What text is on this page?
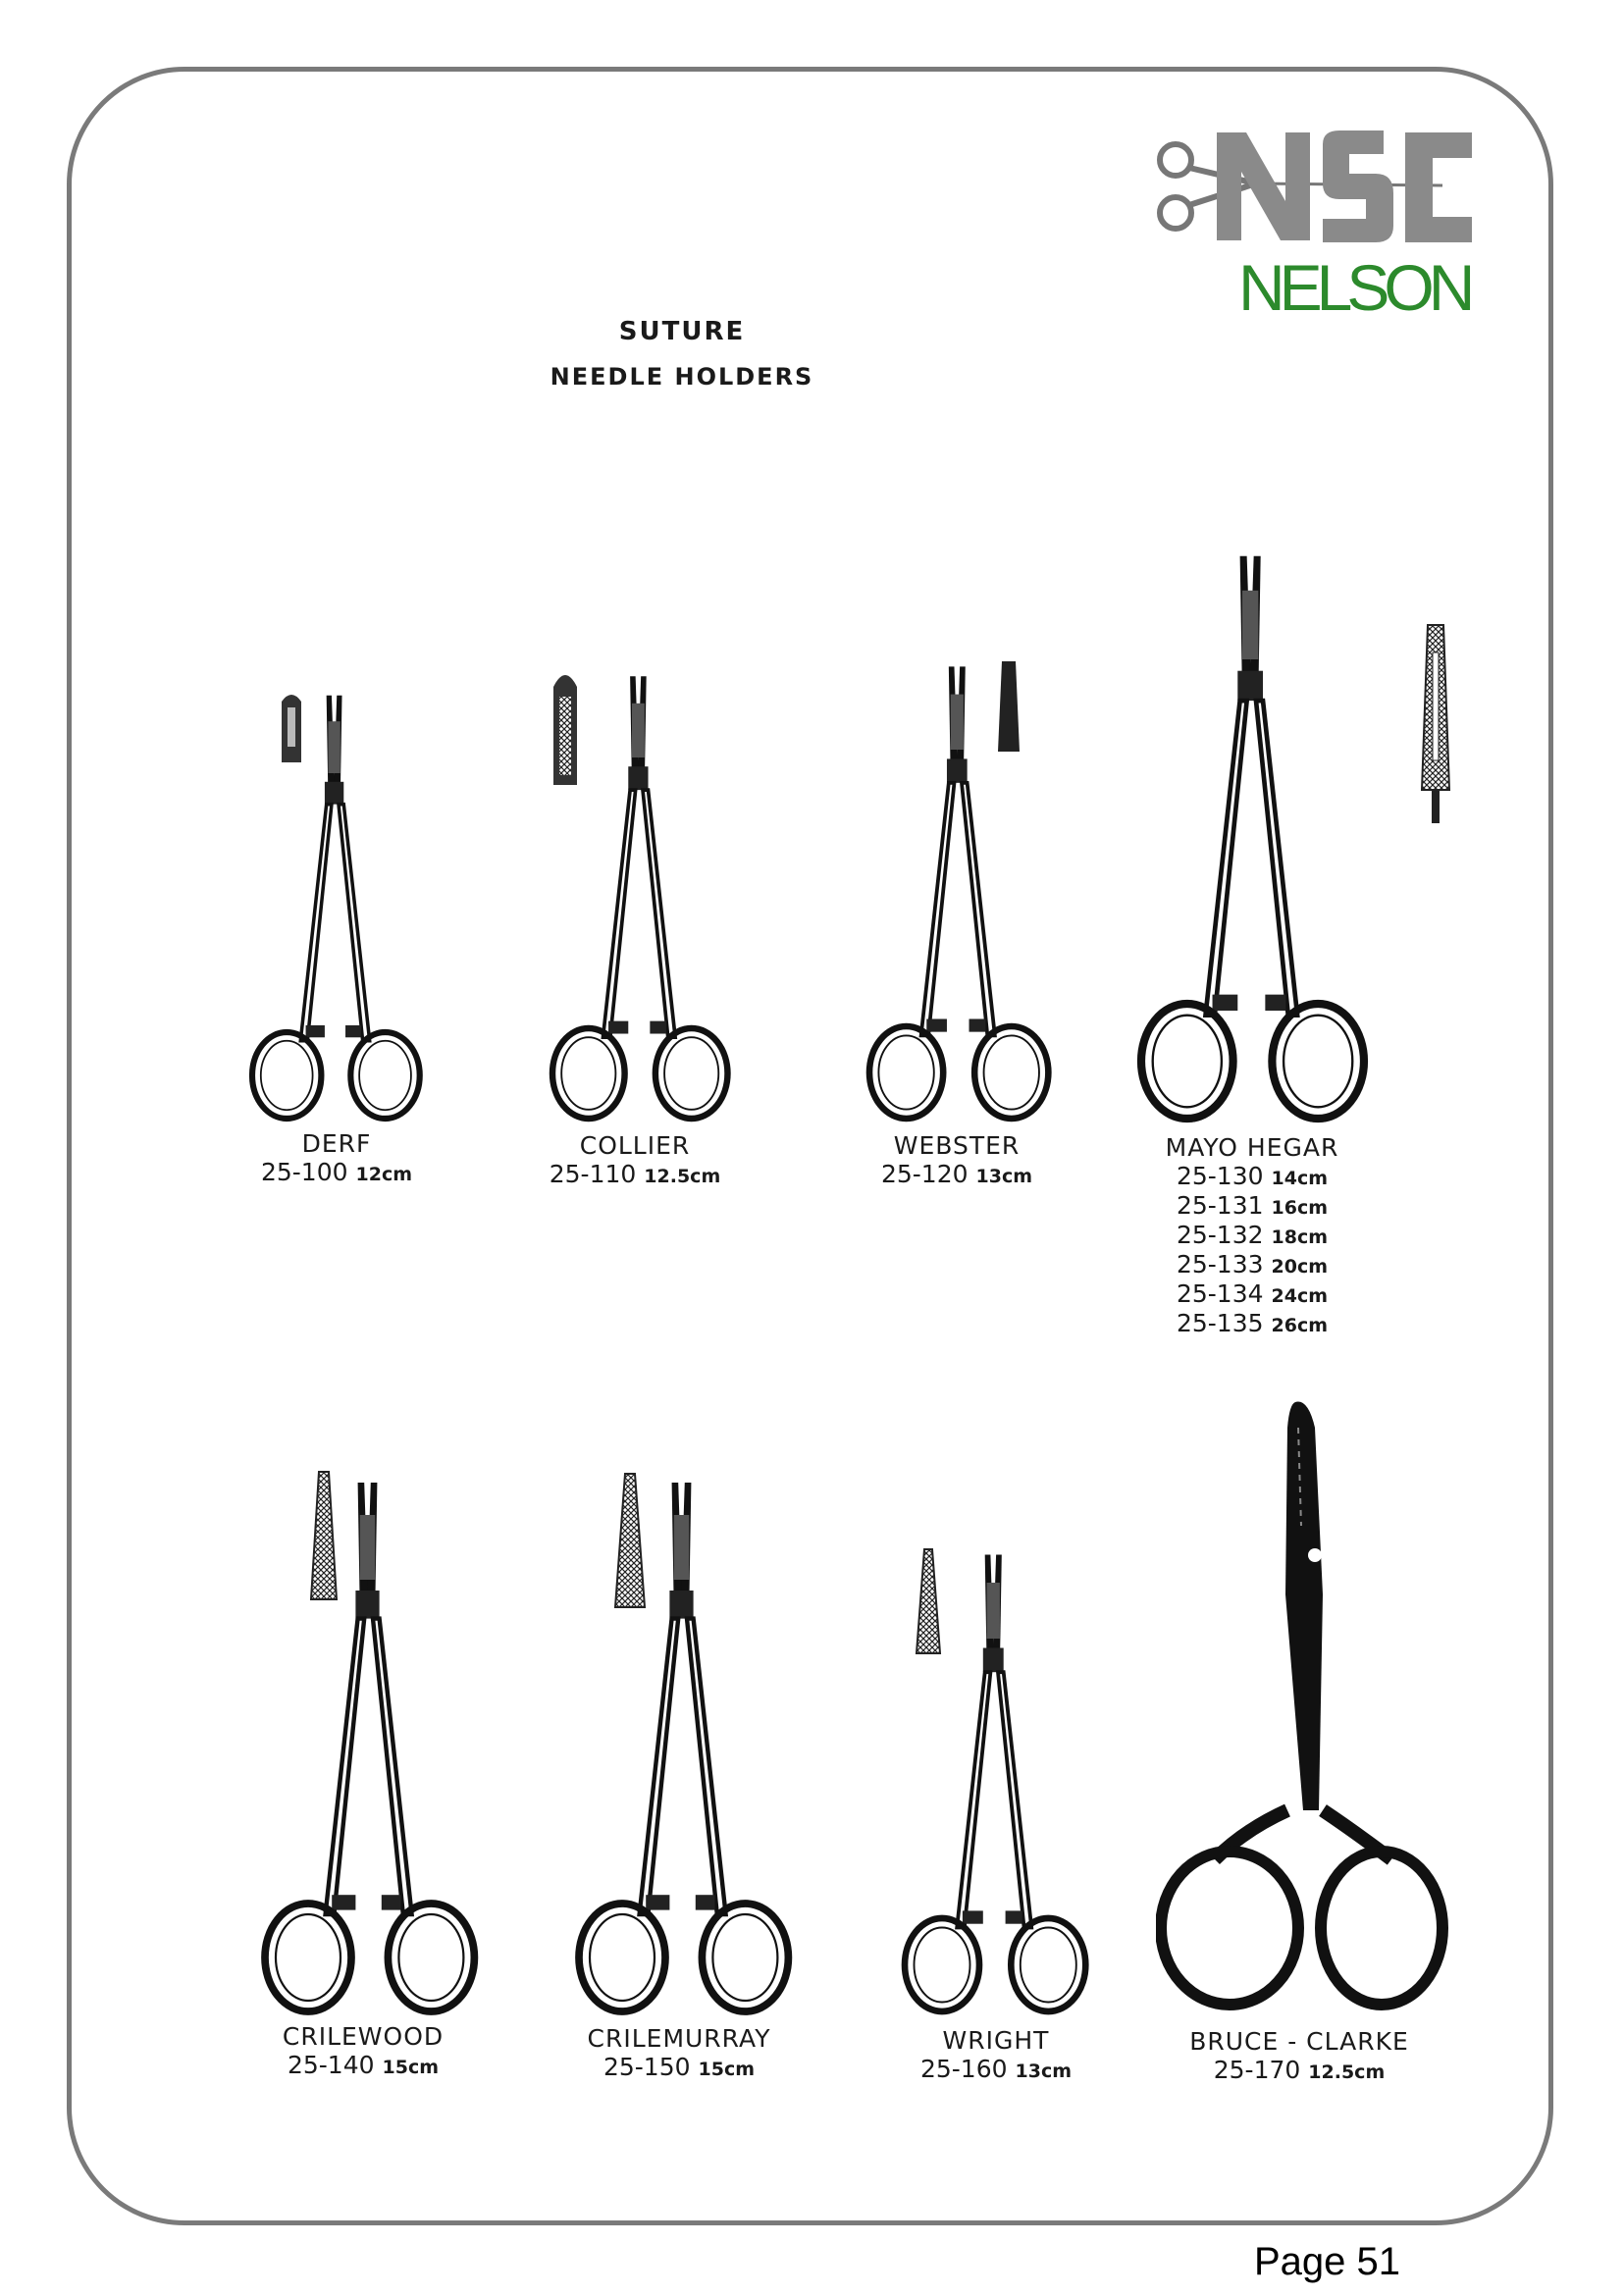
NELSON
SUTURE
NEEDLE HOLDERS
DERF
25-100 12cm
COLLIER
25-110 12.5cm
WEBSTER
25-120 13cm
MAYO HEGAR
25-130 14cm
25-131 16cm
25-132 18cm
25-133 20cm
25-134 24cm
25-135 26cm
CRILEWOOD
25-140 15cm
CRILEMURRAY
25-150 15cm
WRIGHT
25-160 13cm
BRUCE - CLARKE
25-170 12.5cm
Page 51
